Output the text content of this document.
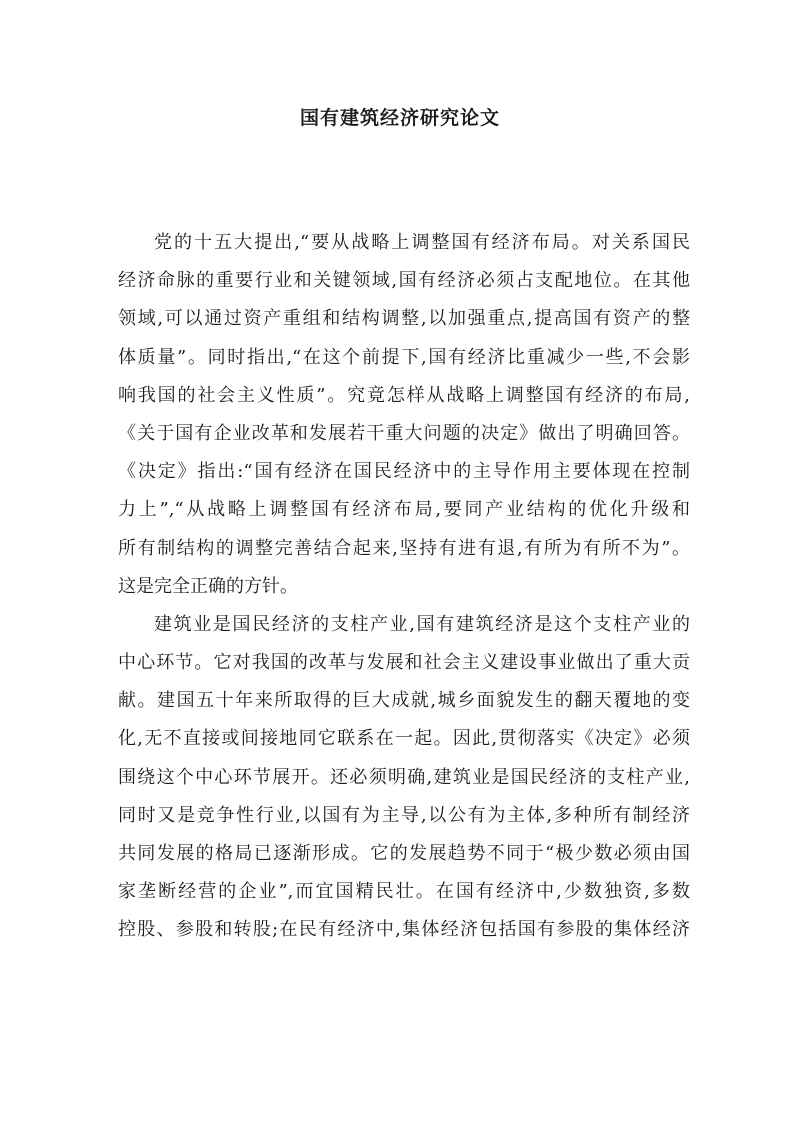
国有建筑经济研究论文
党的十五大提出,“要从战略上调整国有经济布局。对关系国民
经济命脉的重要行业和关键领域,国有经济必须占支配地位。在其他
领域,可以通过资产重组和结构调整,以加强重点,提高国有资产的整
体质量”。同时指出,“在这个前提下,国有经济比重减少一些,不会影
响我国的社会主义性质”。究竟怎样从战略上调整国有经济的布局,
《关于国有企业改革和发展若干重大问题的决定》做出了明确回答。
《决定》指出:“国有经济在国民经济中的主导作用主要体现在控制
力上”,“从战略上调整国有经济布局,要同产业结构的优化升级和
所有制结构的调整完善结合起来,坚持有进有退,有所为有所不为”。
这是完全正确的方针。
建筑业是国民经济的支柱产业,国有建筑经济是这个支柱产业的
中心环节。它对我国的改革与发展和社会主义建设事业做出了重大贡
献。建国五十年来所取得的巨大成就,城乡面貌发生的翻天覆地的变
化,无不直接或间接地同它联系在一起。因此,贯彻落实《决定》必须
围绕这个中心环节展开。还必须明确,建筑业是国民经济的支柱产业,
同时又是竞争性行业,以国有为主导,以公有为主体,多种所有制经济
共同发展的格局已逐渐形成。它的发展趋势不同于“极少数必须由国
家垄断经营的企业”,而宜国精民壮。在国有经济中,少数独资,多数
控股、参股和转股;在民有经济中,集体经济包括国有参股的集体经济
